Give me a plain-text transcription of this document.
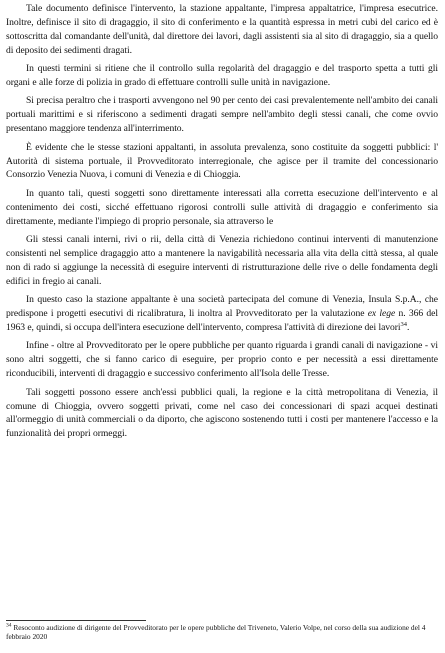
Tale documento definisce l'intervento, la stazione appaltante, l'impresa appaltatrice, l'impresa esecutrice. Inoltre, definisce il sito di dragaggio, il sito di conferimento e la quantità espressa in metri cubi del carico ed è sottoscritta dal comandante dell'unità, dal direttore dei lavori, dagli assistenti sia al sito di dragaggio, sia a quello di deposito dei sedimenti dragati.

In questi termini si ritiene che il controllo sulla regolarità del dragaggio e del trasporto spetta a tutti gli organi e alle forze di polizia in grado di effettuare controlli sulle unità in navigazione.

Si precisa peraltro che i trasporti avvengono nel 90 per cento dei casi prevalentemente nell'ambito dei canali portuali marittimi e si riferiscono a sedimenti dragati sempre nell'ambito degli stessi canali, che come ovvio presentano maggiore tendenza all'interrimento.

È evidente che le stesse stazioni appaltanti, in assoluta prevalenza, sono costituite da soggetti pubblici: l' Autorità di sistema portuale, il Provveditorato interregionale, che agisce per il tramite del concessionario Consorzio Venezia Nuova, i comuni di Venezia e di Chioggia.

In quanto tali, questi soggetti sono direttamente interessati alla corretta esecuzione dell'intervento e al contenimento dei costi, sicché effettuano rigorosi controlli sulle attività di dragaggio e conferimento sia direttamente, mediante l'impiego di proprio personale, sia attraverso le

Gli stessi canali interni, rivi o rii, della città di Venezia richiedono continui interventi di manutenzione consistenti nel semplice dragaggio atto a mantenere la navigabilità necessaria alla vita della città stessa, al quale non di rado si aggiunge la necessità di eseguire interventi di ristrutturazione delle rive o delle fondamenta degli edifici in fregio ai canali.

In questo caso la stazione appaltante è una società partecipata del comune di Venezia, Insula S.p.A., che predispone i progetti esecutivi di ricalibratura, li inoltra al Provveditorato per la valutazione ex lege n. 366 del 1963 e, quindi, si occupa dell'intera esecuzione dell'intervento, compresa l'attività di direzione dei lavori$^{34}$.

Infine - oltre al Provveditorato per le opere pubbliche per quanto riguarda i grandi canali di navigazione - vi sono altri soggetti, che si fanno carico di eseguire, per proprio conto e per necessità a essi direttamente riconducibili, interventi di dragaggio e successivo conferimento all'Isola delle Tresse.

Tali soggetti possono essere anch'essi pubblici quali, la regione e la città metropolitana di Venezia, il comune di Chioggia, ovvero soggetti privati, come nel caso dei concessionari di spazi acquei destinati all'ormeggio di unità commerciali o da diporto, che agiscono sostenendo tutti i costi per mantenere l'accesso e la funzionalità dei propri ormeggi.

$^{34}$ Resoconto audizione di dirigente del Provveditorato per le opere pubbliche del Triveneto, Valerio Volpe, nel corso della sua audizione del 4 febbraio 2020
